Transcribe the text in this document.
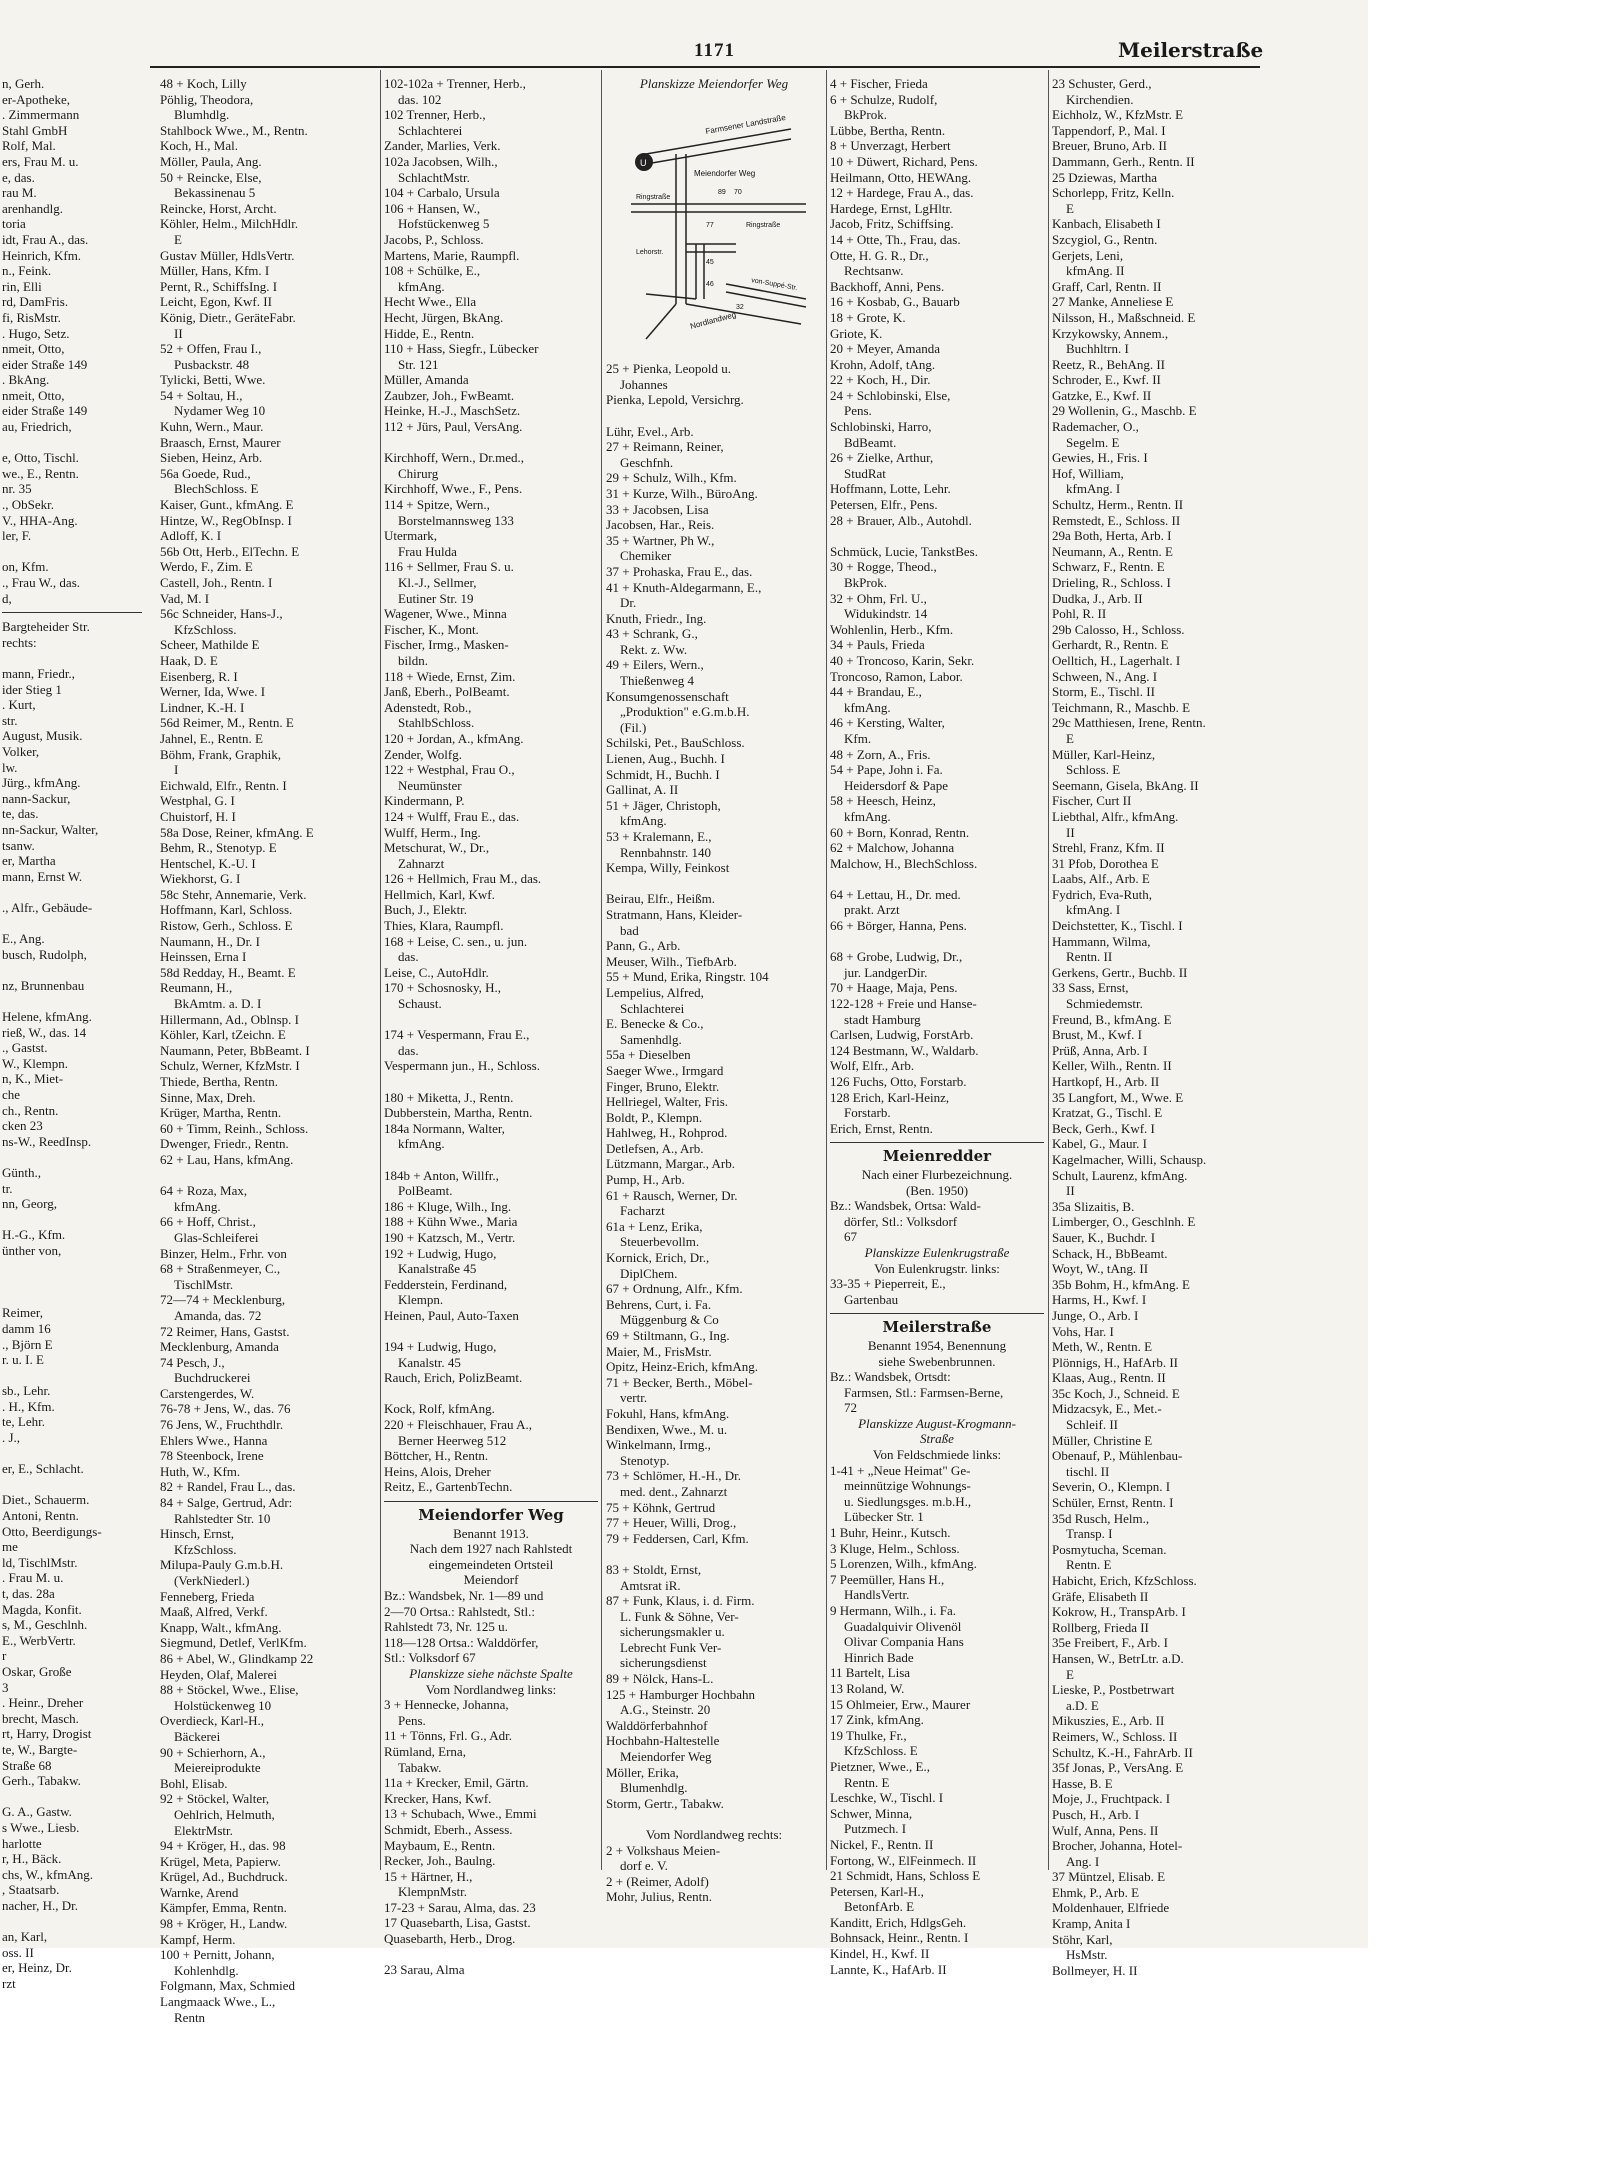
1171	Meilerstraße
n, Gerh.
er-Apotheke,
. Zimmermann
Stahl GmbH
Rolf, Mal.
ers, Frau M. u.
e, das.
rau M.
arenhandlg.
toria
idt, Frau A., das.
Heinrich, Kfm.
n., Feink.
rin, Elli
rd, DamFris.
fi, RisMstr.
. Hugo, Setz.
nmeit, Otto,
eider Straße 149
. BkAng.
nmeit, Otto,
eider Straße 149
au, Friedrich,

e, Otto, Tischl.
we., E., Rentn.
nr. 35
., ObSekr.
V., HHA-Ang.
ler, F.

on, Kfm.
., Frau W., das.
d,
Bargteheider Str.
rechts:

mann, Friedr.,
ider Stieg 1
. Kurt,
str.
August, Musik.
Volker,
lw.
Jürg., kfmAng.
nann-Sackur,
te, das.
nn-Sackur, Walter,
tsanw.
er, Martha
mann, Ernst W.

., Alfr., Gebäude-

E., Ang.
busch, Rudolph,

nz, Brunnenbau

Helene, kfmAng.
rieß, W., das. 14
., Gastst.
W., Klempn.
n, K., Miet-
che
ch., Rentn.
cken 23
ns-W., ReedInsp.

Günth.,
tr.
nn, Georg,

H.-G., Kfm.
ünther von,

Reimer,
damm 16
., Björn E
r. u. I. E

sb., Lehr.
. H., Kfm.
te, Lehr.
. J.,

er, E., Schlacht.

Diet., Schauerm.
Antoni, Rentn.
Otto, Beerdigungs-
me
ld, TischlMstr.
. Frau M. u.
t, das. 28a
Magda, Konfit.
s, M., Geschlnh.
E., WerbVertr.
r
Oskar, Große
3
. Heinr., Dreher
brecht, Masch.
rt, Harry, Drogist
te, W., Bargte-
Straße 68
Gerh., Tabakw.

G. A., Gastw.
s Wwe., Liesb.
harlotte
r, H., Bäck.
chs, W., kfmAng.
, Staatsarb.
nacher, H., Dr.

an, Karl,
oss. II
er, Heinz, Dr.
rzt
48 + Koch, Lilly
Pöhlig, Theodora,
Blumhdlg.
Stahlbock Wwe., M., Rentn.
Koch, H., Mal.
Möller, Paula, Ang.
50 + Reincke, Else,
Bekassinenau 5
Reincke, Horst, Archt.
Köhler, Helm., MilchHdlr.
E
Gustav Müller, HdlsVertr.
Müller, Hans, Kfm. I
Pernt, R., SchiffsIng. I
Leicht, Egon, Kwf. II
König, Dietr., GeräteFabr.
II
52 + Offen, Frau I.,
Pusbackstr. 48
Tylicki, Betti, Wwe.
54 + Soltau, H.,
Nydamer Weg 10
Kuhn, Wern., Maur.
Braasch, Ernst, Maurer
Sieben, Heinz, Arb.
56a Goede, Rud.,
BlechSchloss. E
Kaiser, Gunt., kfmAng. E
Hintze, W., RegObInsp. I
Adloff, K. I
56b Ott, Herb., ElTechn. E
Werdo, F., Zim. E
Castell, Joh., Rentn. I
Vad, M. I
56c Schneider, Hans-J.,
KfzSchloss.
Scheer, Mathilde E
Haak, D. E
Eisenberg, R. I
Werner, Ida, Wwe. I
Lindner, K.-H. I
56d Reimer, M., Rentn. E
Jahnel, E., Rentn. E
Böhm, Frank, Graphik,
I
Eichwald, Elfr., Rentn. I
Westphal, G. I
Chuistorf, H. I
58a Dose, Reiner, kfmAng. E
Behm, R., Stenotyp. E
Hentschel, K.-U. I
Wiekhorst, G. I
58c Stehr, Annemarie, Verk.
Hoffmann, Karl, Schloss.
Ristow, Gerh., Schloss. E
Naumann, H., Dr. I
Heinssen, Erna I
58d Redday, H., Beamt. E
Reumann, H.,
BkAmtm. a. D. I
Hillermann, Ad., Oblnsp. I
Köhler, Karl, tZeichn. E
Naumann, Peter, BbBeamt. I
Schulz, Werner, KfzMstr. I
Thiede, Bertha, Rentn.
Sinne, Max, Dreh.
Krüger, Martha, Rentn.
60 + Timm, Reinh., Schloss.
Dwenger, Friedr., Rentn.
62 + Lau, Hans, kfmAng.

64 + Roza, Max,
kfmAng.
66 + Hoff, Christ.,
Glas-Schleiferei
Binzer, Helm., Frhr. von
68 + Straßenmeyer, C.,
TischlMstr.
72—74 + Mecklenburg,
Amanda, das. 72
72 Reimer, Hans, Gastst.
Mecklenburg, Amanda
74 Pesch, J.,
Buchdruckerei
Carstengerdes, W.
76-78 + Jens, W., das. 76
76 Jens, W., Fruchthdlr.
Ehlers Wwe., Hanna
78 Steenbock, Irene
Huth, W., Kfm.
82 + Randel, Frau L., das.
84 + Salge, Gertrud, Adr:
Rahlstedter Str. 10
Hinsch, Ernst,
KfzSchloss.
Milupa-Pauly G.m.b.H.
(VerkNiederl.)
Fenneberg, Frieda
Maaß, Alfred, Verkf.
Knapp, Walt., kfmAng.
Siegmund, Detlef, VerlKfm.
86 + Abel, W., Glindkamp 22
Heyden, Olaf, Malerei
88 + Stöckel, Wwe., Elise,
Holstückenweg 10
Overdieck, Karl-H.,
Bäckerei
90 + Schierhorn, A.,
Meiereiprodukte
Bohl, Elisab.
92 + Stöckel, Walter,
Oehlrich, Helmuth,
ElektrMstr.
94 + Kröger, H., das. 98
Krügel, Meta, Papierw.
Krügel, Ad., Buchdruck.
Warnke, Arend
Kämpfer, Emma, Rentn.
98 + Kröger, H., Landw.
Kampf, Herm.
100 + Pernitt, Johann,
Kohlenhdlg.
Folgmann, Max, Schmied
Langmaack Wwe., L.,
Rentn
102-102a + Trenner, Herb.,
das. 102
102 Trenner, Herb.,
Schlachterei
Zander, Marlies, Verk.
102a Jacobsen, Wilh.,
SchlachtMstr.
104 + Carbalo, Ursula
106 + Hansen, W.,
Hofstückenweg 5
Jacobs, P., Schloss.
Martens, Marie, Raumpfl.
108 + Schülke, E.,
kfmAng.
Hecht Wwe., Ella
Hecht, Jürgen, BkAng.
Hidde, E., Rentn.
110 + Hass, Siegfr., Lübecker
Str. 121
Müller, Amanda
Zaubzer, Joh., FwBeamt.
Heinke, H.-J., MaschSetz.
112 + Jürs, Paul, VersAng.

Kirchhoff, Wern., Dr.med.,
Chirurg
Kirchhoff, Wwe., F., Pens.
114 + Spitze, Wern.,
Borstelmannsweg 133
Utermark,
Frau Hulda
116 + Sellmer, Frau S. u.
Kl.-J., Sellmer,
Eutiner Str. 19
Wagener, Wwe., Minna
Fischer, K., Mont.
Fischer, Irmg., Masken-
bildn.
118 + Wiede, Ernst, Zim.
Janß, Eberh., PolBeamt.
Adenstedt, Rob.,
StahlbSchloss.
120 + Jordan, A., kfmAng.
Zender, Wolfg.
122 + Westphal, Frau O.,
Neumünster
Kindermann, P.
124 + Wulff, Frau E., das.
Wulff, Herm., Ing.
Metschurat, W., Dr.,
Zahnarzt
126 + Hellmich, Frau M., das.
Hellmich, Karl, Kwf.
Buch, J., Elektr.
Thies, Klara, Raumpfl.
168 + Leise, C. sen., u. jun.
das.
Leise, C., AutoHdlr.
170 + Schosnosky, H.,
Schaust.

174 + Vespermann, Frau E.,
das.
Vespermann jun., H., Schloss.

180 + Miketta, J., Rentn.
Dubberstein, Martha, Rentn.
184a Normann, Walter,
kfmAng.

184b + Anton, Willfr.,
PolBeamt.
186 + Kluge, Wilh., Ing.
188 + Kühn Wwe., Maria
190 + Katzsch, M., Vertr.
192 + Ludwig, Hugo,
Kanalstraße 45
Fedderstein, Ferdinand,
Klempn.
Heinen, Paul, Auto-Taxen

194 + Ludwig, Hugo,
Kanalstr. 45
Rauch, Erich, PolizBeamt.

Kock, Rolf, kfmAng.
220 + Fleischhauer, Frau A.,
Berner Heerweg 512
Böttcher, H., Rentn.
Heins, Alois, Dreher
Reitz, E., GartenbTechn.
Meiendorfer Weg
Benannt 1913.
Nach dem 1927 nach Rahlstedt
eingemeindeten Ortsteil
Meiendorf
Bz.: Wandsbek, Nr. 1—89 und
2—70 Ortsa.: Rahlstedt, Stl.:
Rahlstedt 73, Nr. 125 u.
118—128 Ortsa.: Walddörfer,
Stl.: Volksdorf 67
Planskizze siehe nächste Spalte
Vom Nordlandweg links:
3 + Hennecke, Johanna,
Pens.
11 + Tönns, Frl. G., Adr.
Rümland, Erna,
Tabakw.
11a + Krecker, Emil, Gärtn.
Krecker, Hans, Kwf.
13 + Schubach, Wwe., Emmi
Schmidt, Eberh., Assess.
Maybaum, E., Rentn.
Recker, Joh., Baulng.
15 + Härtner, H.,
KlempnMstr.
17-23 + Sarau, Alma, das. 23
17 Quasebarth, Lisa, Gastst.
Quasebarth, Herb., Drog.

23 Sarau, Alma
Planskizze Meiendorfer Weg
Farmsener Landstraße
Meiendorfer Weg
Ringstraße
89 70
77	Ringstraße
Lehorstr.
45
46	von-Suppé-Str.
32
Nordlandweg
U
25 + Pienka, Leopold u.
Johannes
Pienka, Lepold, Versichrg.

Lühr, Evel., Arb.
27 + Reimann, Reiner,
Geschfnh.
29 + Schulz, Wilh., Kfm.
31 + Kurze, Wilh., BüroAng.
33 + Jacobsen, Lisa
Jacobsen, Har., Reis.
35 + Wartner, Ph W.,
Chemiker
37 + Prohaska, Frau E., das.
41 + Knuth-Aldegarmann, E.,
Dr.
Knuth, Friedr., Ing.
43 + Schrank, G.,
Rekt. z. Ww.
49 + Eilers, Wern.,
Thießenweg 4
Konsumgenossenschaft
„Produktion" e.G.m.b.H.
(Fil.)
Schilski, Pet., BauSchloss.
Lienen, Aug., Buchh. I
Schmidt, H., Buchh. I
Gallinat, A. II
51 + Jäger, Christoph,
kfmAng.
53 + Kralemann, E.,
Rennbahnstr. 140
Kempa, Willy, Feinkost

Beirau, Elfr., Heißm.
Stratmann, Hans, Kleider-
bad
Pann, G., Arb.
Meuser, Wilh., TiefbArb.
55 + Mund, Erika, Ringstr. 104
Lempelius, Alfred,
Schlachterei
E. Benecke & Co.,
Samenhdlg.
55a + Dieselben
Saeger Wwe., Irmgard
Finger, Bruno, Elektr.
Hellriegel, Walter, Fris.
Boldt, P., Klempn.
Hahlweg, H., Rohprod.
Detlefsen, A., Arb.
Lützmann, Margar., Arb.
Pump, H., Arb.
61 + Rausch, Werner, Dr.
Facharzt
61a + Lenz, Erika,
Steuerbevollm.
Kornick, Erich, Dr.,
DiplChem.
67 + Ordnung, Alfr., Kfm.
Behrens, Curt, i. Fa.
Müggenburg & Co
69 + Stiltmann, G., Ing.
Maier, M., FrisMstr.
Opitz, Heinz-Erich, kfmAng.
71 + Becker, Berth., Möbel-
vertr.
Fokuhl, Hans, kfmAng.
Bendixen, Wwe., M. u.
Winkelmann, Irmg.,
Stenotyp.
73 + Schlömer, H.-H., Dr.
med. dent., Zahnarzt
75 + Köhnk, Gertrud
77 + Heuer, Willi, Drog.,
79 + Feddersen, Carl, Kfm.

83 + Stoldt, Ernst,
Amtsrat iR.
87 + Funk, Klaus, i. d. Firm.
L. Funk & Söhne, Ver-
sicherungsmakler u.
Lebrecht Funk Ver-
sicherungsdienst
89 + Nölck, Hans-L.
125 + Hamburger Hochbahn
A.G., Steinstr. 20
Walddörferbahnhof
Hochbahn-Haltestelle
Meiendorfer Weg
Möller, Erika,
Blumenhdlg.
Storm, Gertr., Tabakw.

Vom Nordlandweg rechts:
2 + Volkshaus Meien-
dorf e. V.
2 + (Reimer, Adolf)
Mohr, Julius, Rentn.
4 + Fischer, Frieda
6 + Schulze, Rudolf,
BkProk.
Lübbe, Bertha, Rentn.
8 + Unverzagt, Herbert
10 + Düwert, Richard, Pens.
Heilmann, Otto, HEWAng.
12 + Hardege, Frau A., das.
Hardege, Ernst, LgHltr.
Jacob, Fritz, Schiffsing.
14 + Otte, Th., Frau, das.
Otte, H. G. R., Dr.,
Rechtsanw.
Backhoff, Anni, Pens.
16 + Kosbab, G., Bauarb
18 + Grote, K.
Griote, K.
20 + Meyer, Amanda
Krohn, Adolf, tAng.
22 + Koch, H., Dir.
24 + Schlobinski, Else,
Pens.
Schlobinski, Harro,
BdBeamt.
26 + Zielke, Arthur,
StudRat
Hoffmann, Lotte, Lehr.
Petersen, Elfr., Pens.
28 + Brauer, Alb., Autohdl.

Schmück, Lucie, TankstBes.
30 + Rogge, Theod.,
BkProk.
32 + Ohm, Frl. U.,
Widukindstr. 14
Wohlenlin, Herb., Kfm.
34 + Pauls, Frieda
40 + Troncoso, Karin, Sekr.
Troncoso, Ramon, Labor.
44 + Brandau, E.,
kfmAng.
46 + Kersting, Walter,
Kfm.
48 + Zorn, A., Fris.
54 + Pape, John i. Fa.
Heidersdorf & Pape
58 + Heesch, Heinz,
kfmAng.
60 + Born, Konrad, Rentn.
62 + Malchow, Johanna
Malchow, H., BlechSchloss.

64 + Lettau, H., Dr. med.
prakt. Arzt
66 + Börger, Hanna, Pens.

68 + Grobe, Ludwig, Dr.,
jur. LandgerDir.
70 + Haage, Maja, Pens.
122-128 + Freie und Hanse-
stadt Hamburg
Carlsen, Ludwig, ForstArb.
124 Bestmann, W., Waldarb.
Wolf, Elfr., Arb.
126 Fuchs, Otto, Forstarb.
128 Erich, Karl-Heinz,
Forstarb.
Erich, Ernst, Rentn.
Meienredder
Nach einer Flurbezeichnung.
(Ben. 1950)
Bz.: Wandsbek, Ortsa: Wald-
dörfer, Stl.: Volksdorf
67
Planskizze Eulenkrugstraße
Von Eulenkrugstr. links:
33-35 + Pieperreit, E.,
Gartenbau
Meilerstraße
Benannt 1954, Benennung
siehe Swebenbrunnen.
Bz.: Wandsbek, Ortsdt:
Farmsen, Stl.: Farmsen-Berne,
72
Planskizze August-Krogmann-
Straße
Von Feldschmiede links:
1-41 + „Neue Heimat" Ge-
meinnützige Wohnungs-
u. Siedlungsges. m.b.H.,
Lübecker Str. 1
1 Buhr, Heinr., Kutsch.
3 Kluge, Helm., Schloss.
5 Lorenzen, Wilh., kfmAng.
7 Peemüller, Hans H.,
HandlsVertr.
9 Hermann, Wilh., i. Fa.
Guadalquivir Olivenöl
Olivar Compania Hans
Hinrich Bade
11 Bartelt, Lisa
13 Roland, W.
15 Ohlmeier, Erw., Maurer
17 Zink, kfmAng.
19 Thulke, Fr.,
KfzSchloss. E
Pietzner, Wwe., E.,
Rentn. E
Leschke, W., Tischl. I
Schwer, Minna,
Putzmech. I
Nickel, F., Rentn. II
Fortong, W., ElFeinmech. II
21 Schmidt, Hans, Schloss E
Petersen, Karl-H.,
BetonfArb. E
Kanditt, Erich, HdlgsGeh.
Bohnsack, Heinr., Rentn. I
Kindel, H., Kwf. II
Lannte, K., HafArb. II
23 Schuster, Gerd.,
Kirchendien.
Eichholz, W., KfzMstr. E
Tappendorf, P., Mal. I
Breuer, Bruno, Arb. II
Dammann, Gerh., Rentn. II
25 Dziewas, Martha
Schorlepp, Fritz, Kelln.
E
Kanbach, Elisabeth I
Szcygiol, G., Rentn.
Gerjets, Leni,
kfmAng. II
Graff, Carl, Rentn. II
27 Manke, Anneliese E
Nilsson, H., Maßschneid. E
Krzykowsky, Annem.,
Buchhltrn. I
Reetz, R., BehAng. II
Schroder, E., Kwf. II
Gatzke, E., Kwf. II
29 Wollenin, G., Maschb. E
Rademacher, O.,
Segelm. E
Gewies, H., Fris. I
Hof, William,
kfmAng. I
Schultz, Herm., Rentn. II
Remstedt, E., Schloss. II
29a Both, Herta, Arb. I
Neumann, A., Rentn. E
Schwarz, F., Rentn. E
Drieling, R., Schloss. I
Dudka, J., Arb. II
Pohl, R. II
29b Calosso, H., Schloss.
Gerhardt, R., Rentn. E
Oelltich, H., Lagerhalt. I
Schween, N., Ang. I
Storm, E., Tischl. II
Teichmann, R., Maschb. E
29c Matthiesen, Irene, Rentn.
E
Müller, Karl-Heinz,
Schloss. E
Seemann, Gisela, BkAng. II
Fischer, Curt II
Liebthal, Alfr., kfmAng.
II
Strehl, Franz, Kfm. II
31 Pfob, Dorothea E
Laabs, Alf., Arb. E
Fydrich, Eva-Ruth,
kfmAng. I
Deichstetter, K., Tischl. I
Hammann, Wilma,
Rentn. II
Gerkens, Gertr., Buchb. II
33 Sass, Ernst,
Schmiedemstr.
Freund, B., kfmAng. E
Brust, M., Kwf. I
Prüß, Anna, Arb. I
Keller, Wilh., Rentn. II
Hartkopf, H., Arb. II
35 Langfort, M., Wwe. E
Kratzat, G., Tischl. E
Beck, Gerh., Kwf. I
Kabel, G., Maur. I
Kagelmacher, Willi, Schausp.
Schult, Laurenz, kfmAng.
II
35a Slizaitis, B.
Limberger, O., Geschlnh. E
Sauer, K., Buchdr. I
Schack, H., BbBeamt.
Woyt, W., tAng. II
35b Bohm, H., kfmAng. E
Harms, H., Kwf. I
Junge, O., Arb. I
Vohs, Har. I
Meth, W., Rentn. E
Plönnigs, H., HafArb. II
Klaas, Aug., Rentn. II
35c Koch, J., Schneid. E
Midzacsyk, E., Met.-
Schleif. II
Müller, Christine E
Obenauf, P., Mühlenbau-
tischl. II
Severin, O., Klempn. I
Schüler, Ernst, Rentn. I
35d Rusch, Helm.,
Transp. I
Posmytucha, Sceman.
Rentn. E
Habicht, Erich, KfzSchloss.
Gräfe, Elisabeth II
Kokrow, H., TranspArb. I
Rollberg, Frieda II
35e Freibert, F., Arb. I
Hansen, W., BetrLtr. a.D.
E
Lieske, P., Postbetrwart
a.D. E
Mikuszies, E., Arb. II
Reimers, W., Schloss. II
Schultz, K.-H., FahrArb. II
35f Jonas, P., VersAng. E
Hasse, B. E
Moje, J., Fruchtpack. I
Pusch, H., Arb. I
Wulf, Anna, Pens. II
Brocher, Johanna, Hotel-
Ang. I
37 Müntzel, Elisab. E
Ehmk, P., Arb. E
Moldenhauer, Elfriede
Kramp, Anita I
Stöhr, Karl,
HsMstr.
Bollmeyer, H. II
